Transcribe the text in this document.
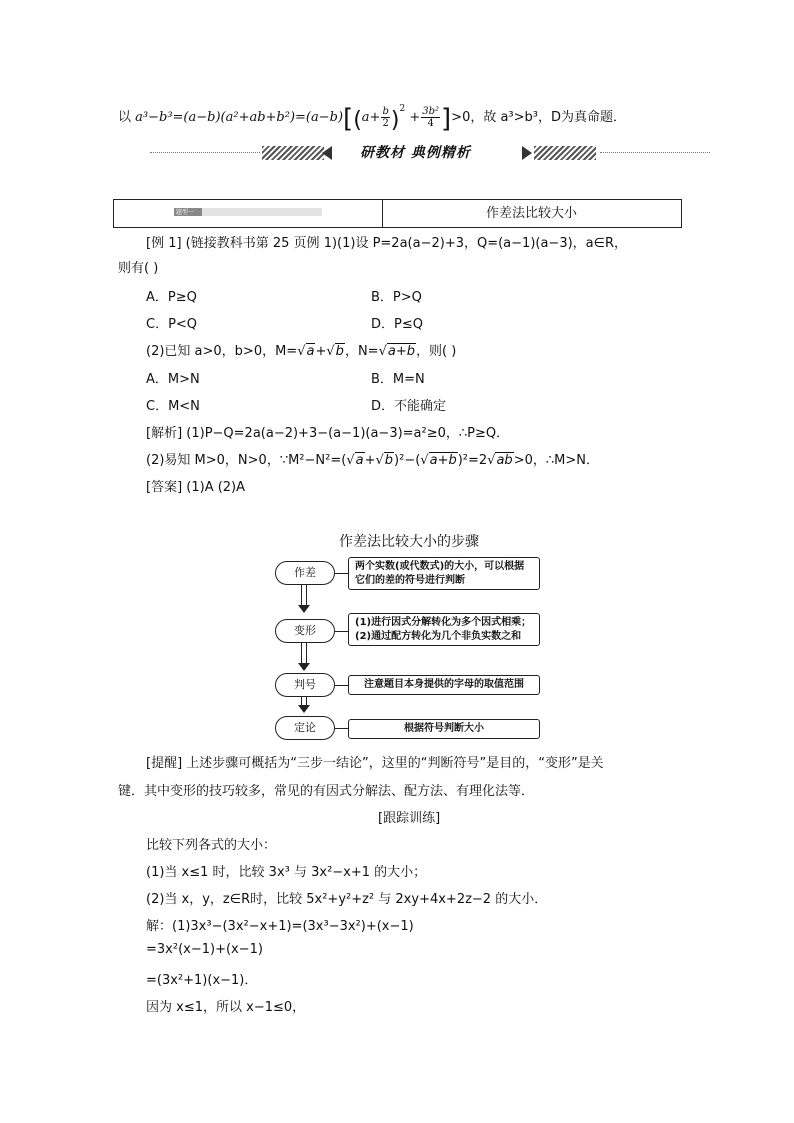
以 $a^3-b^3=(a-b)(a^2+ab+b^2)=(a-b)[(a+ \frac{b}{2} )^2 + \frac{\text{3b²}}{4} ]>0$，故 a³>b³，D为真命题．
研教材 典例精析
题型一	作差法比较大小
[例 1] (链接教科书第 25 页例 1)(1)设 P=2a(a−2)+3，Q=(a−1)(a−3)，a∈R，
则有( )
A．P≥Q	B．P>Q
C．P<Q	D．P≤Q
(2)已知 a>0，b>0，M=√a+√b，N=√a+b，则( )
A．M>N	B．M=N
C．M<N	D．不能确定
[解析] (1)P−Q=2a(a−2)+3−(a−1)(a−3)=a²≥0，∴P≥Q．
(2)易知 M>0，N>0，∵M²−N²=(√a+√b)²−(√a+b)²=2√ab>0，∴M>N．
[答案] (1)A (2)A
作差法比较大小的步骤
作差	两个实数(或代数式)的大小，可以根据它们的差的符号进行判断
变形
(1)进行因式分解转化为多个因式相乘；(2)通过配方转化为几个非负实数之和
判号	注意题目本身提供的字母的取值范围
定论	根据符号判断大小
[提醒] 上述步骤可概括为“三步一结论”，这里的“判断符号”是目的，“变形”是关
键．其中变形的技巧较多，常见的有因式分解法、配方法、有理化法等．
[跟踪训练]
比较下列各式的大小：
(1)当 x≤1 时，比较 3x³ 与 3x²−x+1 的大小；
(2)当 x，y，z∈R时，比较 5x²+y²+z² 与 2xy+4x+2z−2 的大小．
解：(1)3x³−(3x²−x+1)=(3x³−3x²)+(x−1)
=3x²(x−1)+(x−1)
=(3x²+1)(x−1)．
因为 x≤1，所以 x−1≤0，
